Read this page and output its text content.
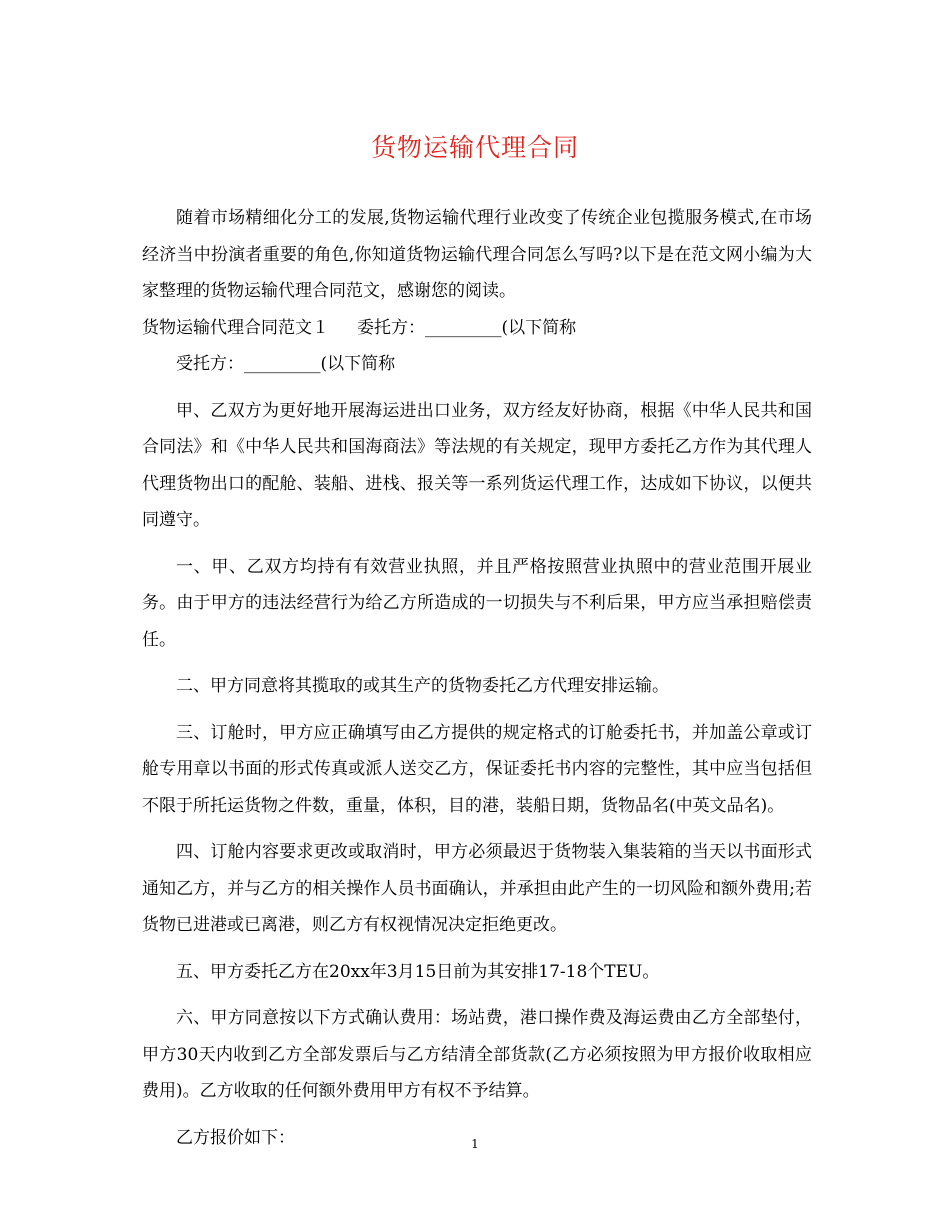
货物运输代理合同

随着市场精细化分工的发展,货物运输代理行业改变了传统企业包揽服务模式,在市场经济当中扮演者重要的角色,你知道货物运输代理合同怎么写吗?以下是在范文网小编为大家整理的货物运输代理合同范文，感谢您的阅读。

货物运输代理合同范文１ 委托方：_________(以下简称

受托方：_________(以下简称

甲、乙双方为更好地开展海运进出口业务，双方经友好协商，根据《中华人民共和国合同法》和《中华人民共和国海商法》等法规的有关规定，现甲方委托乙方作为其代理人代理货物出口的配舱、装船、进栈、报关等一系列货运代理工作，达成如下协议，以便共同遵守。

一、甲、乙双方均持有有效营业执照，并且严格按照营业执照中的营业范围开展业务。由于甲方的违法经营行为给乙方所造成的一切损失与不利后果，甲方应当承担赔偿责任。

二、甲方同意将其揽取的或其生产的货物委托乙方代理安排运输。

三、订舱时，甲方应正确填写由乙方提供的规定格式的订舱委托书，并加盖公章或订舱专用章以书面的形式传真或派人送交乙方，保证委托书内容的完整性，其中应当包括但不限于所托运货物之件数，重量，体积，目的港，装船日期，货物品名(中英文品名)。

四、订舱内容要求更改或取消时，甲方必须最迟于货物装入集装箱的当天以书面形式通知乙方，并与乙方的相关操作人员书面确认，并承担由此产生的一切风险和额外费用;若货物已进港或已离港，则乙方有权视情况决定拒绝更改。

五、甲方委托乙方在20xx年3月15日前为其安排17-18个TEU。

六、甲方同意按以下方式确认费用：场站费，港口操作费及海运费由乙方全部垫付，甲方30天内收到乙方全部发票后与乙方结清全部货款(乙方必须按照为甲方报价收取相应费用)。乙方收取的任何额外费用甲方有权不予结算。

乙方报价如下：	1
